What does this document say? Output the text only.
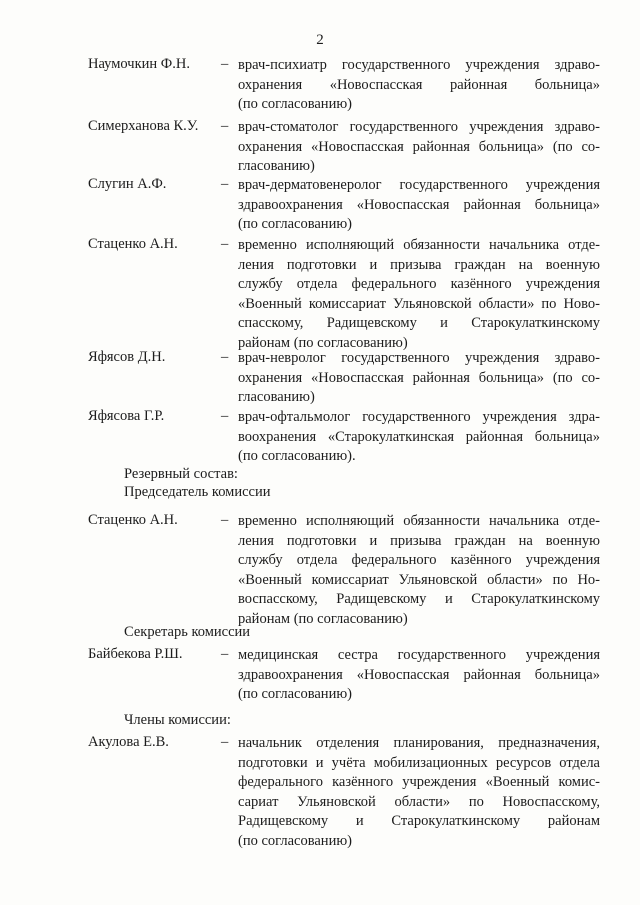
2
Наумочкин Ф.Н. – врач-психиатр государственного учреждения здраво-
охранения «Новоспасская районная больница»
(по согласованию)
Симерханова К.У. – врач-стоматолог государственного учреждения здраво-
охранения «Новоспасская районная больница» (по со-
гласованию)
Слугин А.Ф.	– врач-дерматовенеролог государственного учреждения
здравоохранения «Новоспасская районная больница»
(по согласованию)
Стаценко А.Н.	– временно исполняющий обязанности начальника отде-
ления подготовки и призыва граждан на военную
службу отдела федерального казённого учреждения
«Военный комиссариат Ульяновской области» по Ново-
спасскому, Радищевскому и Старокулаткинскому
районам (по согласованию)
Яфясов Д.Н.	– врач-невролог государственного учреждения здраво-
охранения «Новоспасская районная больница» (по со-
гласованию)
Яфясова Г.Р.	– врач-офтальмолог государственного учреждения здра-
воохранения «Старокулаткинская районная больница»
(по согласованию).
Резервный состав:
Председатель комиссии
Стаценко А.Н.	– временно исполняющий обязанности начальника отде-
ления подготовки и призыва граждан на военную
службу отдела федерального казённого учреждения
«Военный комиссариат Ульяновской области» по Но-
воспасскому, Радищевскому и Старокулаткинскому
районам (по согласованию)
Секретарь комиссии
Байбекова Р.Ш.	– медицинская сестра государственного учреждения
здравоохранения «Новоспасская районная больница»
(по согласованию)
Члены комиссии:
Акулова Е.В.	– начальник отделения планирования, предназначения,
подготовки и учёта мобилизационных ресурсов отдела
федерального казённого учреждения «Военный комис-
сариат Ульяновской области» по Новоспасскому,
Радищевскому и Старокулаткинскому районам
(по согласованию)
